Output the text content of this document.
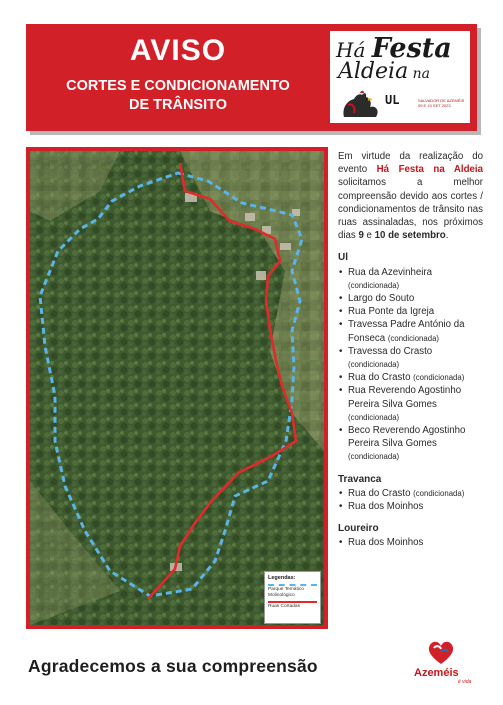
AVISO
CORTES E CONDICIONAMENTO
DE TRÂNSITO
Há Festa
Aldeia na
UL	SALVADOR DE AZEMÉIS 09 E 10 SET 2023
Legendas:
Parque Temático Molinológico
Ruas Cortadas

Em virtude da realização do evento Há Festa na Aldeia solicitamos a melhor compreensão devido aos cortes / condicionamentos de trânsito nas ruas assinaladas, nos próximos dias 9 e 10 de setembro.

Ul
• Rua da Azevinheira
(condicionada)
• Largo do Souto
• Rua Ponte da Igreja
• Travessa Padre António da Fonseca (condicionada)
• Travessa do Crasto
(condicionada)
• Rua do Crasto (condicionada)
• Rua Reverendo Agostinho Pereira Silva Gomes
(condicionada)
• Beco Reverendo Agostinho Pereira Silva Gomes
(condicionada)
Travanca
• Rua do Crasto (condicionada)
• Rua dos Moinhos
Loureiro
• Rua dos Moinhos
Agradecemos a sua compreensão	Azeméis
é vida
